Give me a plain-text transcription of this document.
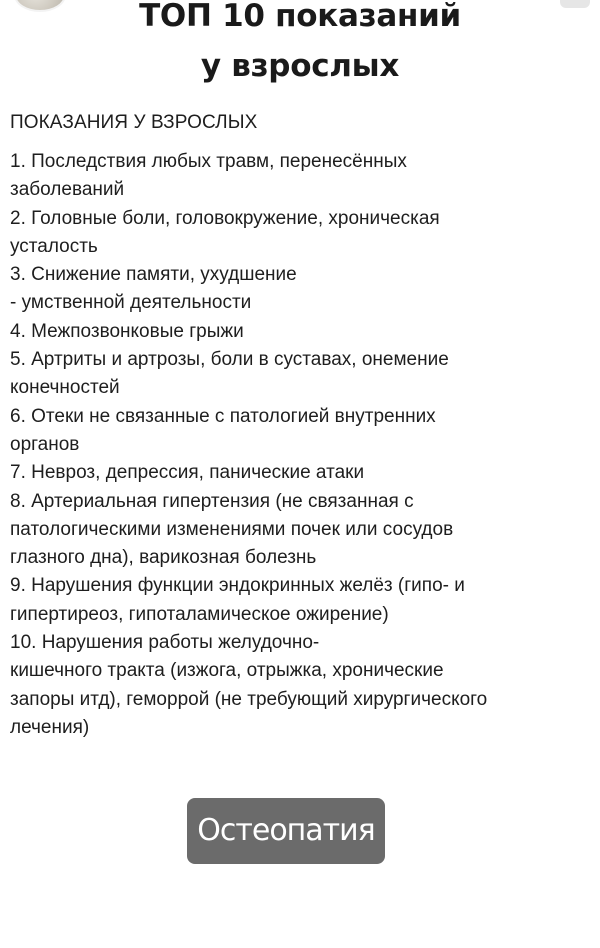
ТОП 10 показаний
у взрослых
ПОКАЗАНИЯ У ВЗРОСЛЫХ
1. Последствия любых травм, перенесённых
заболеваний
2. Головные боли, головокружение, хроническая
усталость
3. Снижение памяти, ухудшение
- умственной деятельности
4. Межпозвонковые грыжи
5. Артриты и артрозы, боли в суставах, онемение
конечностей
6. Отеки не связанные с патологией внутренних
органов
7. Невроз, депрессия, панические атаки
8. Артериальная гипертензия (не связанная с
патологическими изменениями почек или сосудов
глазного дна), варикозная болезнь
9. Нарушения функции эндокринных желёз (гипо- и
гипертиреоз, гипоталамическое ожирение)
10. Нарушения работы желудочно-
кишечного тракта (изжога, отрыжка, хронические
запоры итд), геморрой (не требующий хирургического
лечения)
Остеопатия
